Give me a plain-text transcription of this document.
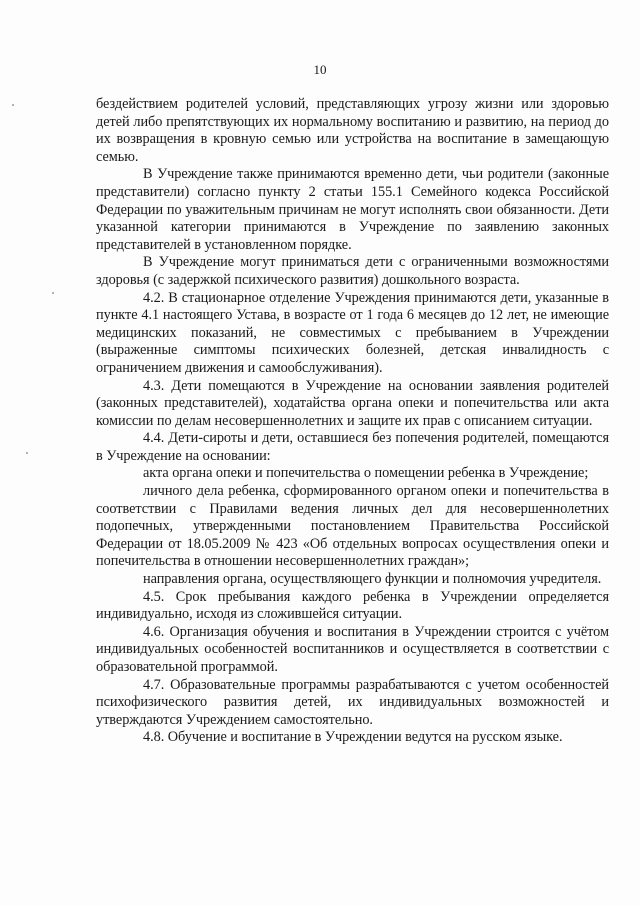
10

бездействием родителей условий, представляющих угрозу жизни или здоровью детей либо препятствующих их нормальному воспитанию и развитию, на период до их возвращения в кровную семью или устройства на воспитание в замещающую семью.

В Учреждение также принимаются временно дети, чьи родители (законные представители) согласно пункту 2 статьи 155.1 Семейного кодекса Российской Федерации по уважительным причинам не могут исполнять свои обязанности. Дети указанной категории принимаются в Учреждение по заявлению законных представителей в установленном порядке.

В Учреждение могут приниматься дети с ограниченными возможностями здоровья (с задержкой психического развития) дошкольного возраста.

4.2. В стационарное отделение Учреждения принимаются дети, указанные в пункте 4.1 настоящего Устава, в возрасте от 1 года 6 месяцев до 12 лет, не имеющие медицинских показаний, не совместимых с пребыванием в Учреждении (выраженные симптомы психических болезней, детская инвалидность с ограничением движения и самообслуживания).

4.3. Дети помещаются в Учреждение на основании заявления родителей (законных представителей), ходатайства органа опеки и попечительства или акта комиссии по делам несовершеннолетних и защите их прав с описанием ситуации.

4.4. Дети-сироты и дети, оставшиеся без попечения родителей, помещаются в Учреждение на основании:

акта органа опеки и попечительства о помещении ребенка в Учреждение;

личного дела ребенка, сформированного органом опеки и попечительства в соответствии с Правилами ведения личных дел для несовершеннолетних подопечных, утвержденными постановлением Правительства Российской Федерации от 18.05.2009 № 423 «Об отдельных вопросах осуществления опеки и попечительства в отношении несовершеннолетних граждан»;

направления органа, осуществляющего функции и полномочия учредителя.

4.5. Срок пребывания каждого ребенка в Учреждении определяется индивидуально, исходя из сложившейся ситуации.

4.6. Организация обучения и воспитания в Учреждении строится с учётом индивидуальных особенностей воспитанников и осуществляется в соответствии с образовательной программой.

4.7. Образовательные программы разрабатываются с учетом особенностей психофизического развития детей, их индивидуальных возможностей и утверждаются Учреждением самостоятельно.

4.8. Обучение и воспитание в Учреждении ведутся на русском языке.
